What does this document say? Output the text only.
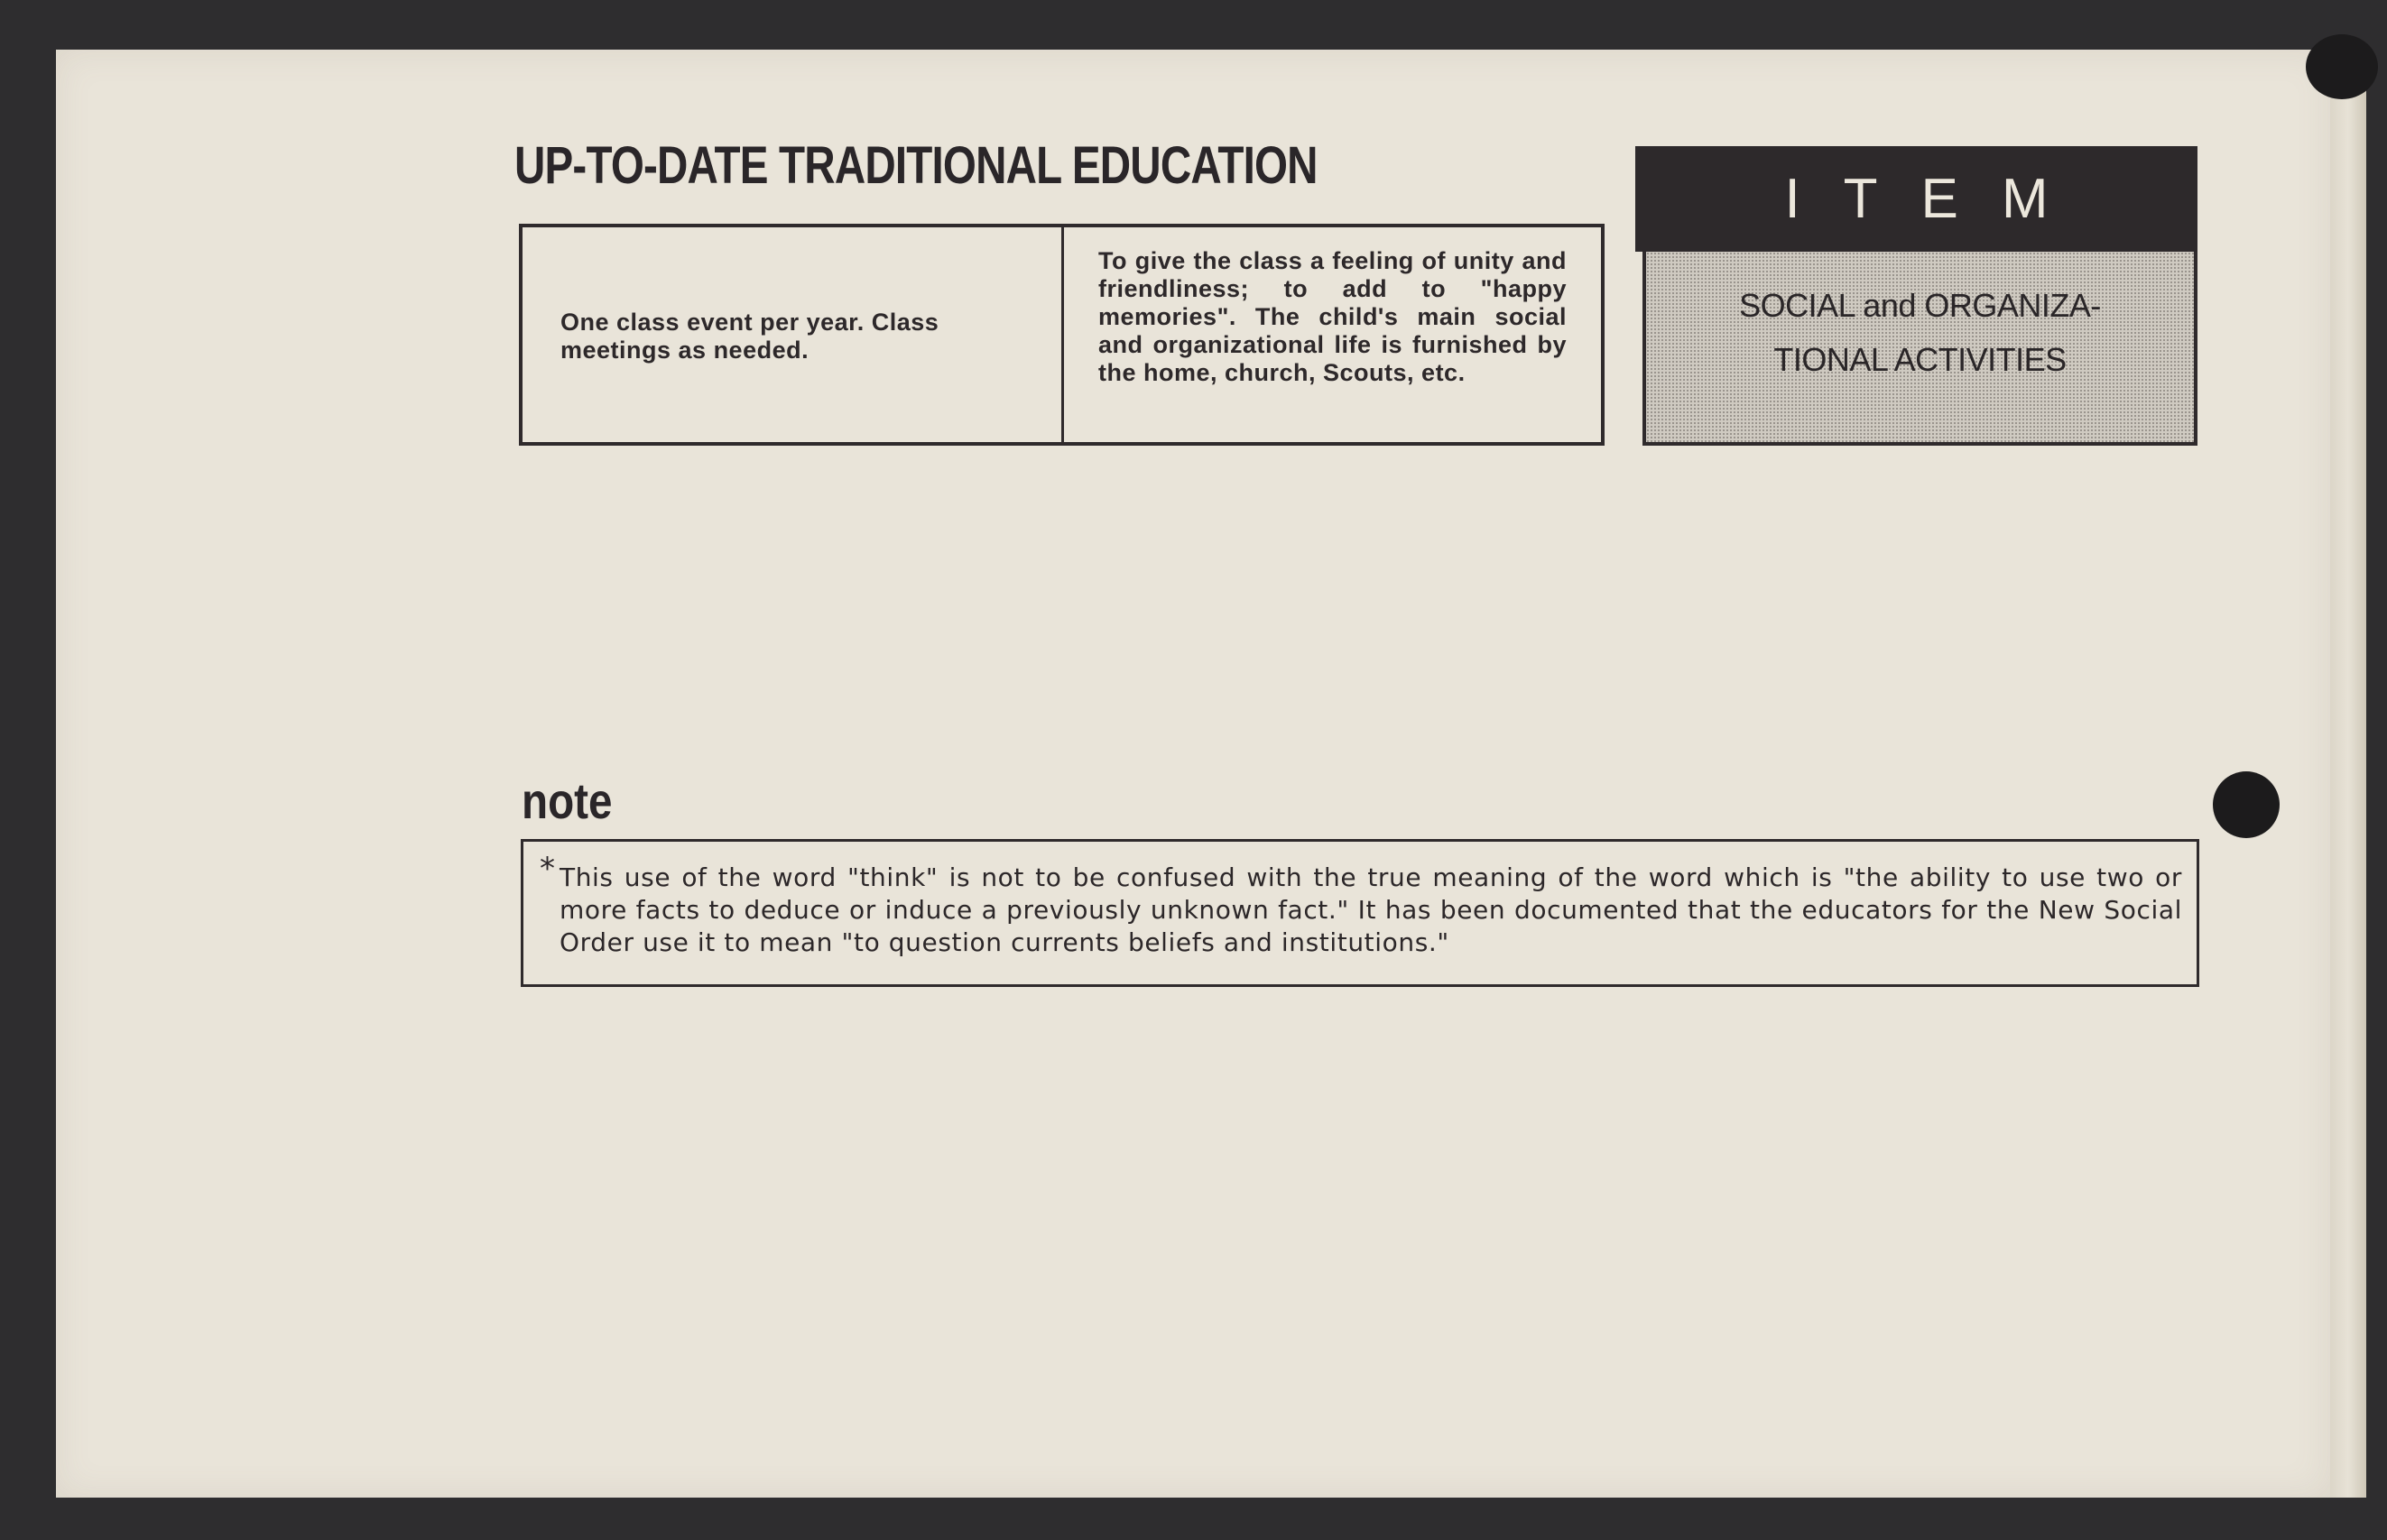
UP-TO-DATE TRADITIONAL EDUCATION
One class event per year. Class meetings as needed.
To give the class a feeling of unity and friendliness; to add to "happy memories". The child's main social and organizational life is furnished by the home, church, Scouts, etc.
ITEM
SOCIAL and ORGANIZA-
TIONAL ACTIVITIES
note
* This use of the word "think" is not to be confused with the true meaning of the word which is "the ability to use two or more facts to deduce or induce a previously unknown fact." It has been documented that the educators for the New Social Order use it to mean "to question currents beliefs and institutions."
